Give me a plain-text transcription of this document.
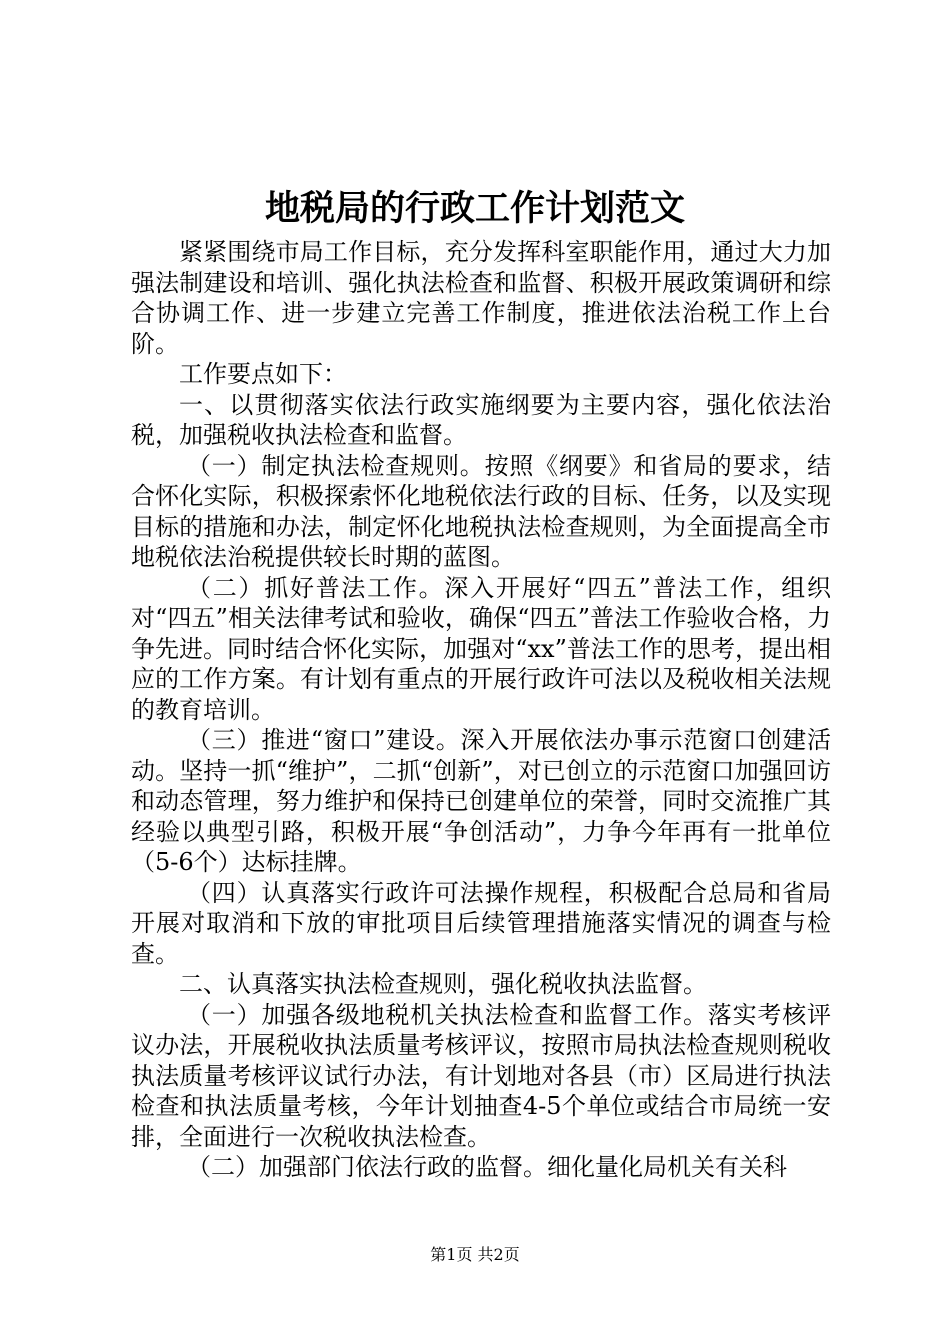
地税局的行政工作计划范文

紧紧围绕市局工作目标，充分发挥科室职能作用，通过大力加强法制建设和培训、强化执法检查和监督、积极开展政策调研和综合协调工作、进一步建立完善工作制度，推进依法治税工作上台阶。

工作要点如下：

一、以贯彻落实依法行政实施纲要为主要内容，强化依法治税，加强税收执法检查和监督。

（一）制定执法检查规则。按照《纲要》和省局的要求，结合怀化实际，积极探索怀化地税依法行政的目标、任务，以及实现目标的措施和办法，制定怀化地税执法检查规则，为全面提高全市地税依法治税提供较长时期的蓝图。

（二）抓好普法工作。深入开展好“四五”普法工作，组织对“四五”相关法律考试和验收，确保“四五”普法工作验收合格，力争先进。同时结合怀化实际，加强对“xx”普法工作的思考，提出相应的工作方案。有计划有重点的开展行政许可法以及税收相关法规的教育培训。

（三）推进“窗口”建设。深入开展依法办事示范窗口创建活动。坚持一抓“维护”，二抓“创新”，对已创立的示范窗口加强回访和动态管理，努力维护和保持已创建单位的荣誉，同时交流推广其经验以典型引路，积极开展“争创活动”，力争今年再有一批单位（5-6个）达标挂牌。

（四）认真落实行政许可法操作规程，积极配合总局和省局开展对取消和下放的审批项目后续管理措施落实情况的调查与检查。

二、认真落实执法检查规则，强化税收执法监督。

（一）加强各级地税机关执法检查和监督工作。落实考核评议办法，开展税收执法质量考核评议，按照市局执法检查规则税收执法质量考核评议试行办法，有计划地对各县（市）区局进行执法检查和执法质量考核，今年计划抽查4-5个单位或结合市局统一安排，全面进行一次税收执法检查。

（二）加强部门依法行政的监督。细化量化局机关有关科

第1页 共2页
